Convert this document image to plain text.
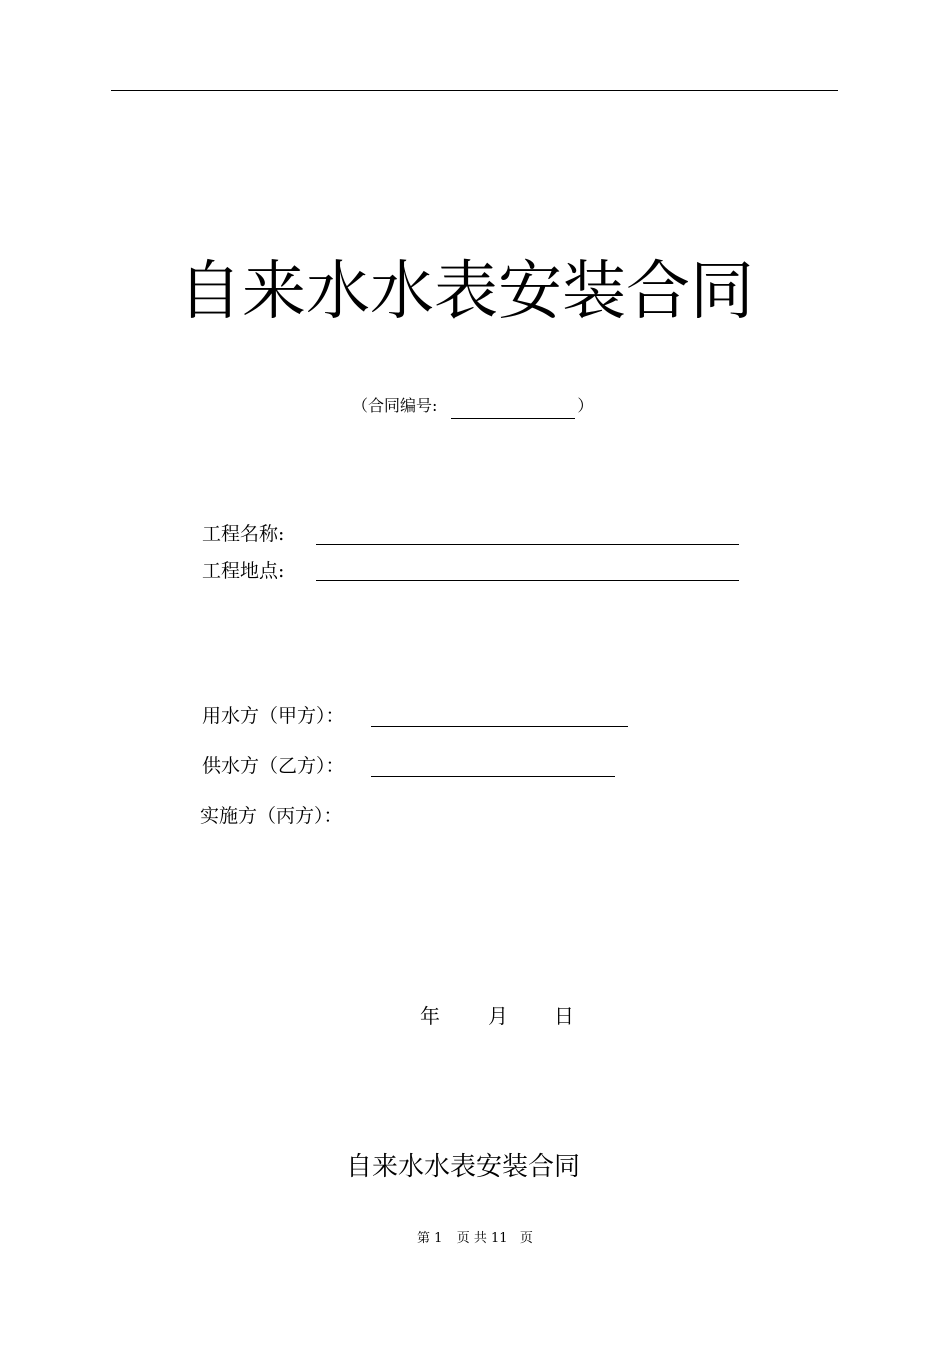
自来水水表安装合同
（合同编号:	）
工程名称:
工程地点:
用水方（甲方）：
供水方（乙方）：
实施方（丙方）：
年 月 日
自来水水表安装合同
第 1 页 共 11 页
